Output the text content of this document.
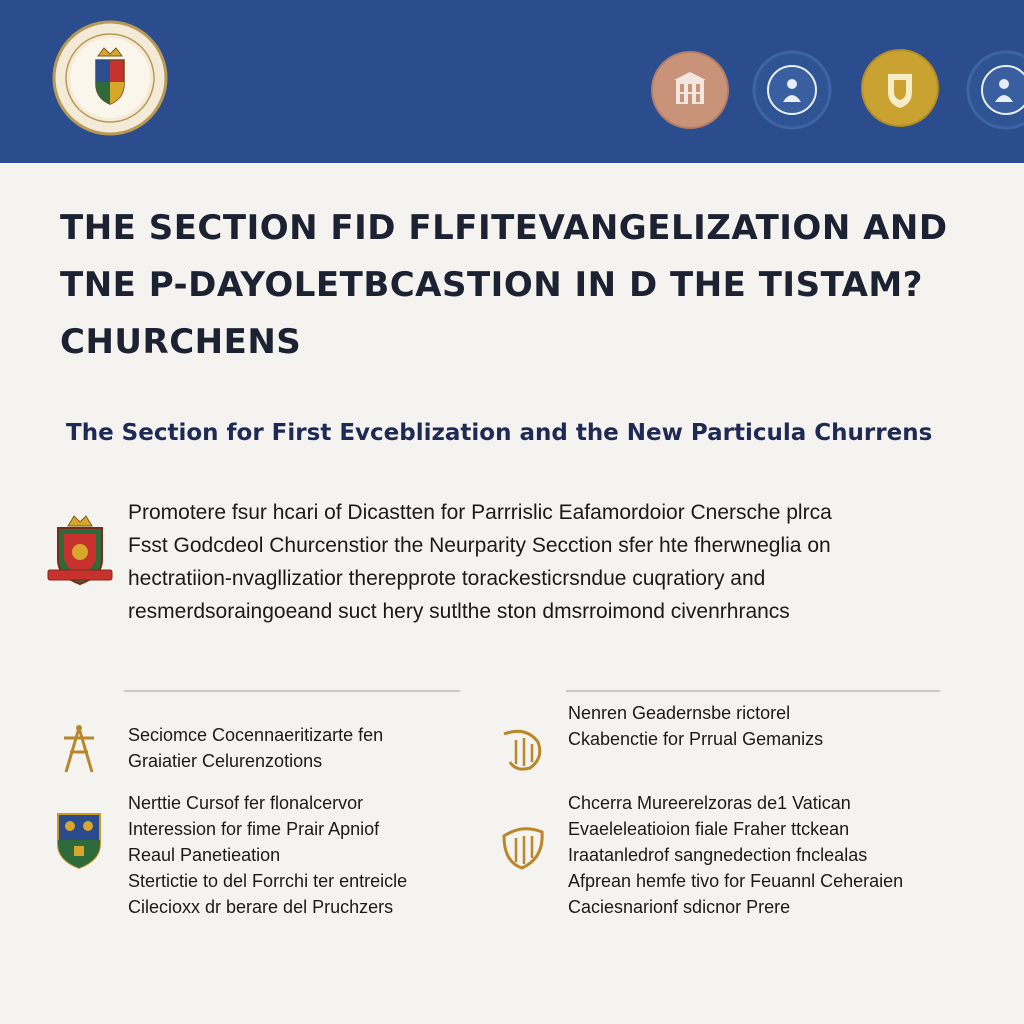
THE SECTION FID FLFITEVANGELIZATION AND
TNE P-DAYOLETBCASTION IN D THE TISTAM?
CHURCHENS
The Section for First Evceblization and the New Particula Churrens
Promotere fsur hcari of Dicastten for Parrrislic Eafamordoior Cnersche plrca
Fsst Godcdeol Churcenstior the Neurparity Secction sfer hte fherwneglia on
hectratiion-nvagllizatior therepprote torackesticrsndue cuqratiory and
resmerdsoraingoeand suct hery sutlthe ston dmsrroimond civenrhrancs
Seciomce Cocennaeritizarte fen
Graiatier Celurenzotions
Nenren Geadernsbe rictorel
Ckabenctie for Prrual Gemanizs
Nerttie Cursof fer flonalcervor
Interession for fime Prair Apniof
Reaul Panetieation
Stertictie to del Forrchi ter entreicle
Cilecioxx dr berare del Pruchzers
Chcerra Mureerelzoras de1 Vatican
Evaeleleatioion fiale Fraher ttckean
Iraatanledrof sangnedection fnclealas
Afprean hemfe tivo for Feuannl Ceheraien
Caciesnarionf sdicnor Prere
